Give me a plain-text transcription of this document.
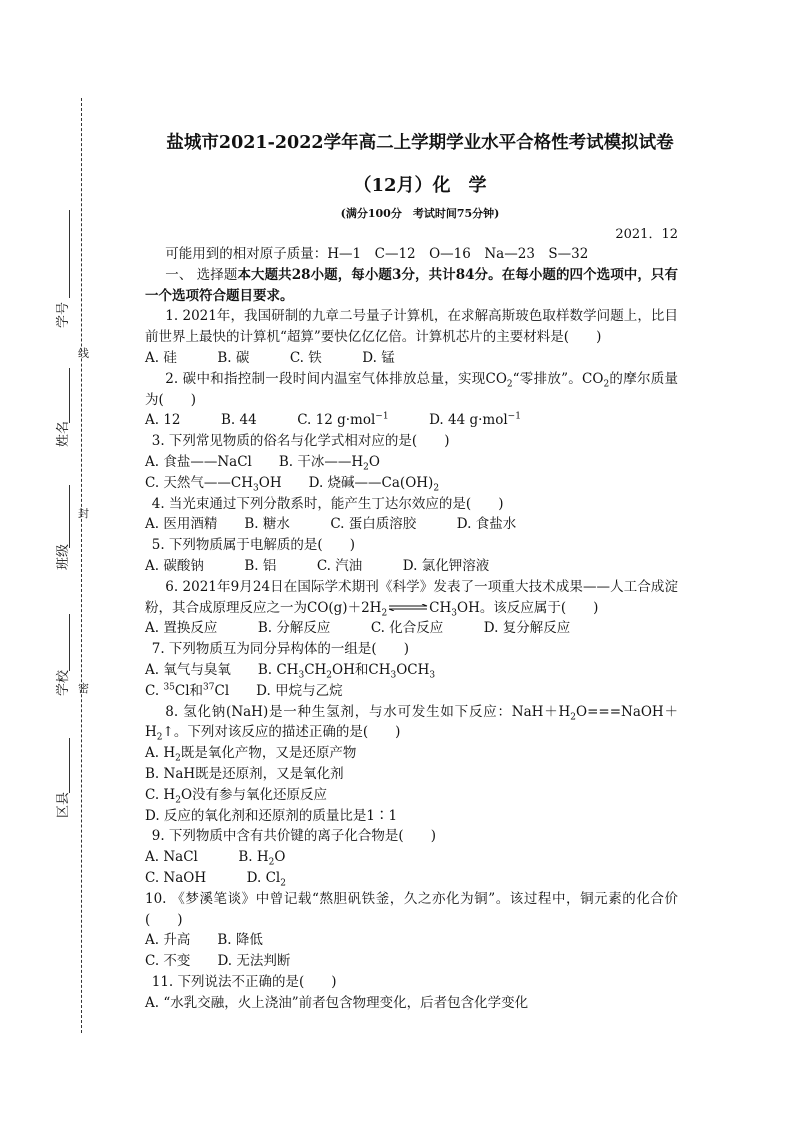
线
封
密
学号
姓名
班级
学校
区县
盐城市2021-2022学年高二上学期学业水平合格性考试模拟试卷
（12月）化　学
(满分100分　考试时间75分钟)
2021．12

可能用到的相对原子质量：H—1　C—12　O—16　Na—23　S—32

一、 选择题本大题共28小题，每小题3分，共计84分。在每小题的四个选项中，只有一个选项符合题目要求。

1. 2021年，我国研制的九章二号量子计算机，在求解高斯玻色取样数学问题上，比目前世界上最快的计算机“超算”要快亿亿亿倍。计算机芯片的主要材料是(　　)

A. 硅　　　B. 碳　　　C. 铁　　　D. 锰

2. 碳中和指控制一段时间内温室气体排放总量，实现$CO_2“$零排放”。$CO_2$的摩尔质量为(　　)

A. 12　　　	B. 44　　　	C. 12 g·mol$^{-1}$　　　	D. 44 g·mol$^{-1}$

3. 下列常见物质的俗名与化学式相对应的是(　　)

A. 食盐——NaCl　　 B. 干冰$——H_2O$

C. 天然气$——CH_3OH$　　 D. 烧碱$——Ca(OH)_2$

4. 当光束通过下列分散系时，能产生丁达尔效应的是(　　)

A. 医用酒精　　B. 糖水　　　C. 蛋白质溶胶　　　D. 食盐水

5. 下列物质属于电解质的是(　　)

A. 碳酸钠　　　B. 铝　　　C. 汽油　　　D. 氯化钾溶液

6. 2021年9月24日在国际学术期刊《科学》发表了一项重大技术成果——人工合成淀粉，其合成原理反应之一为$CO(g)+2H_2$ $\rightleftharpoons CH_3OH$。该反应属于(　　)

A. 置换反应　　　B. 分解反应　　　C. 化合反应　　　D. 复分解反应

7. 下列物质互为同分异构体的一组是(　　)

A. 氧气与臭氧　　 B. $CH_3CH_2OH$和$CH_3OCH_3$

C. $^{35}$Cl和$^{37}$Cl　　 D. 甲烷与乙烷

8. 氢化钠(NaH)是一种生氢剂，与水可发生如下反应：$NaH+H_2O===NaOH+H_2↑$。下列对该反应的描述正确的是(　　)

A. $H_2$既是氧化产物，又是还原产物

B. NaH既是还原剂，又是氧化剂

C. $H_2O$没有参与氧化还原反应

D. 反应的氧化剂和还原剂的质量比是1∶1

9. 下列物质中含有共价键的离子化合物是(　　)

A. NaCl　　　	B. $H_2O$

C. NaOH　　　	D. $Cl_2$

10. 《梦溪笔谈》中曾记载“熬胆矾铁釜，久之亦化为铜”。该过程中，铜元素的化合价(　　)

A. 升高　　 B. 降低

C. 不变　　 D. 无法判断

11. 下列说法不正确的是(　　)

A. “水乳交融，火上浇油”前者包含物理变化，后者包含化学变化
